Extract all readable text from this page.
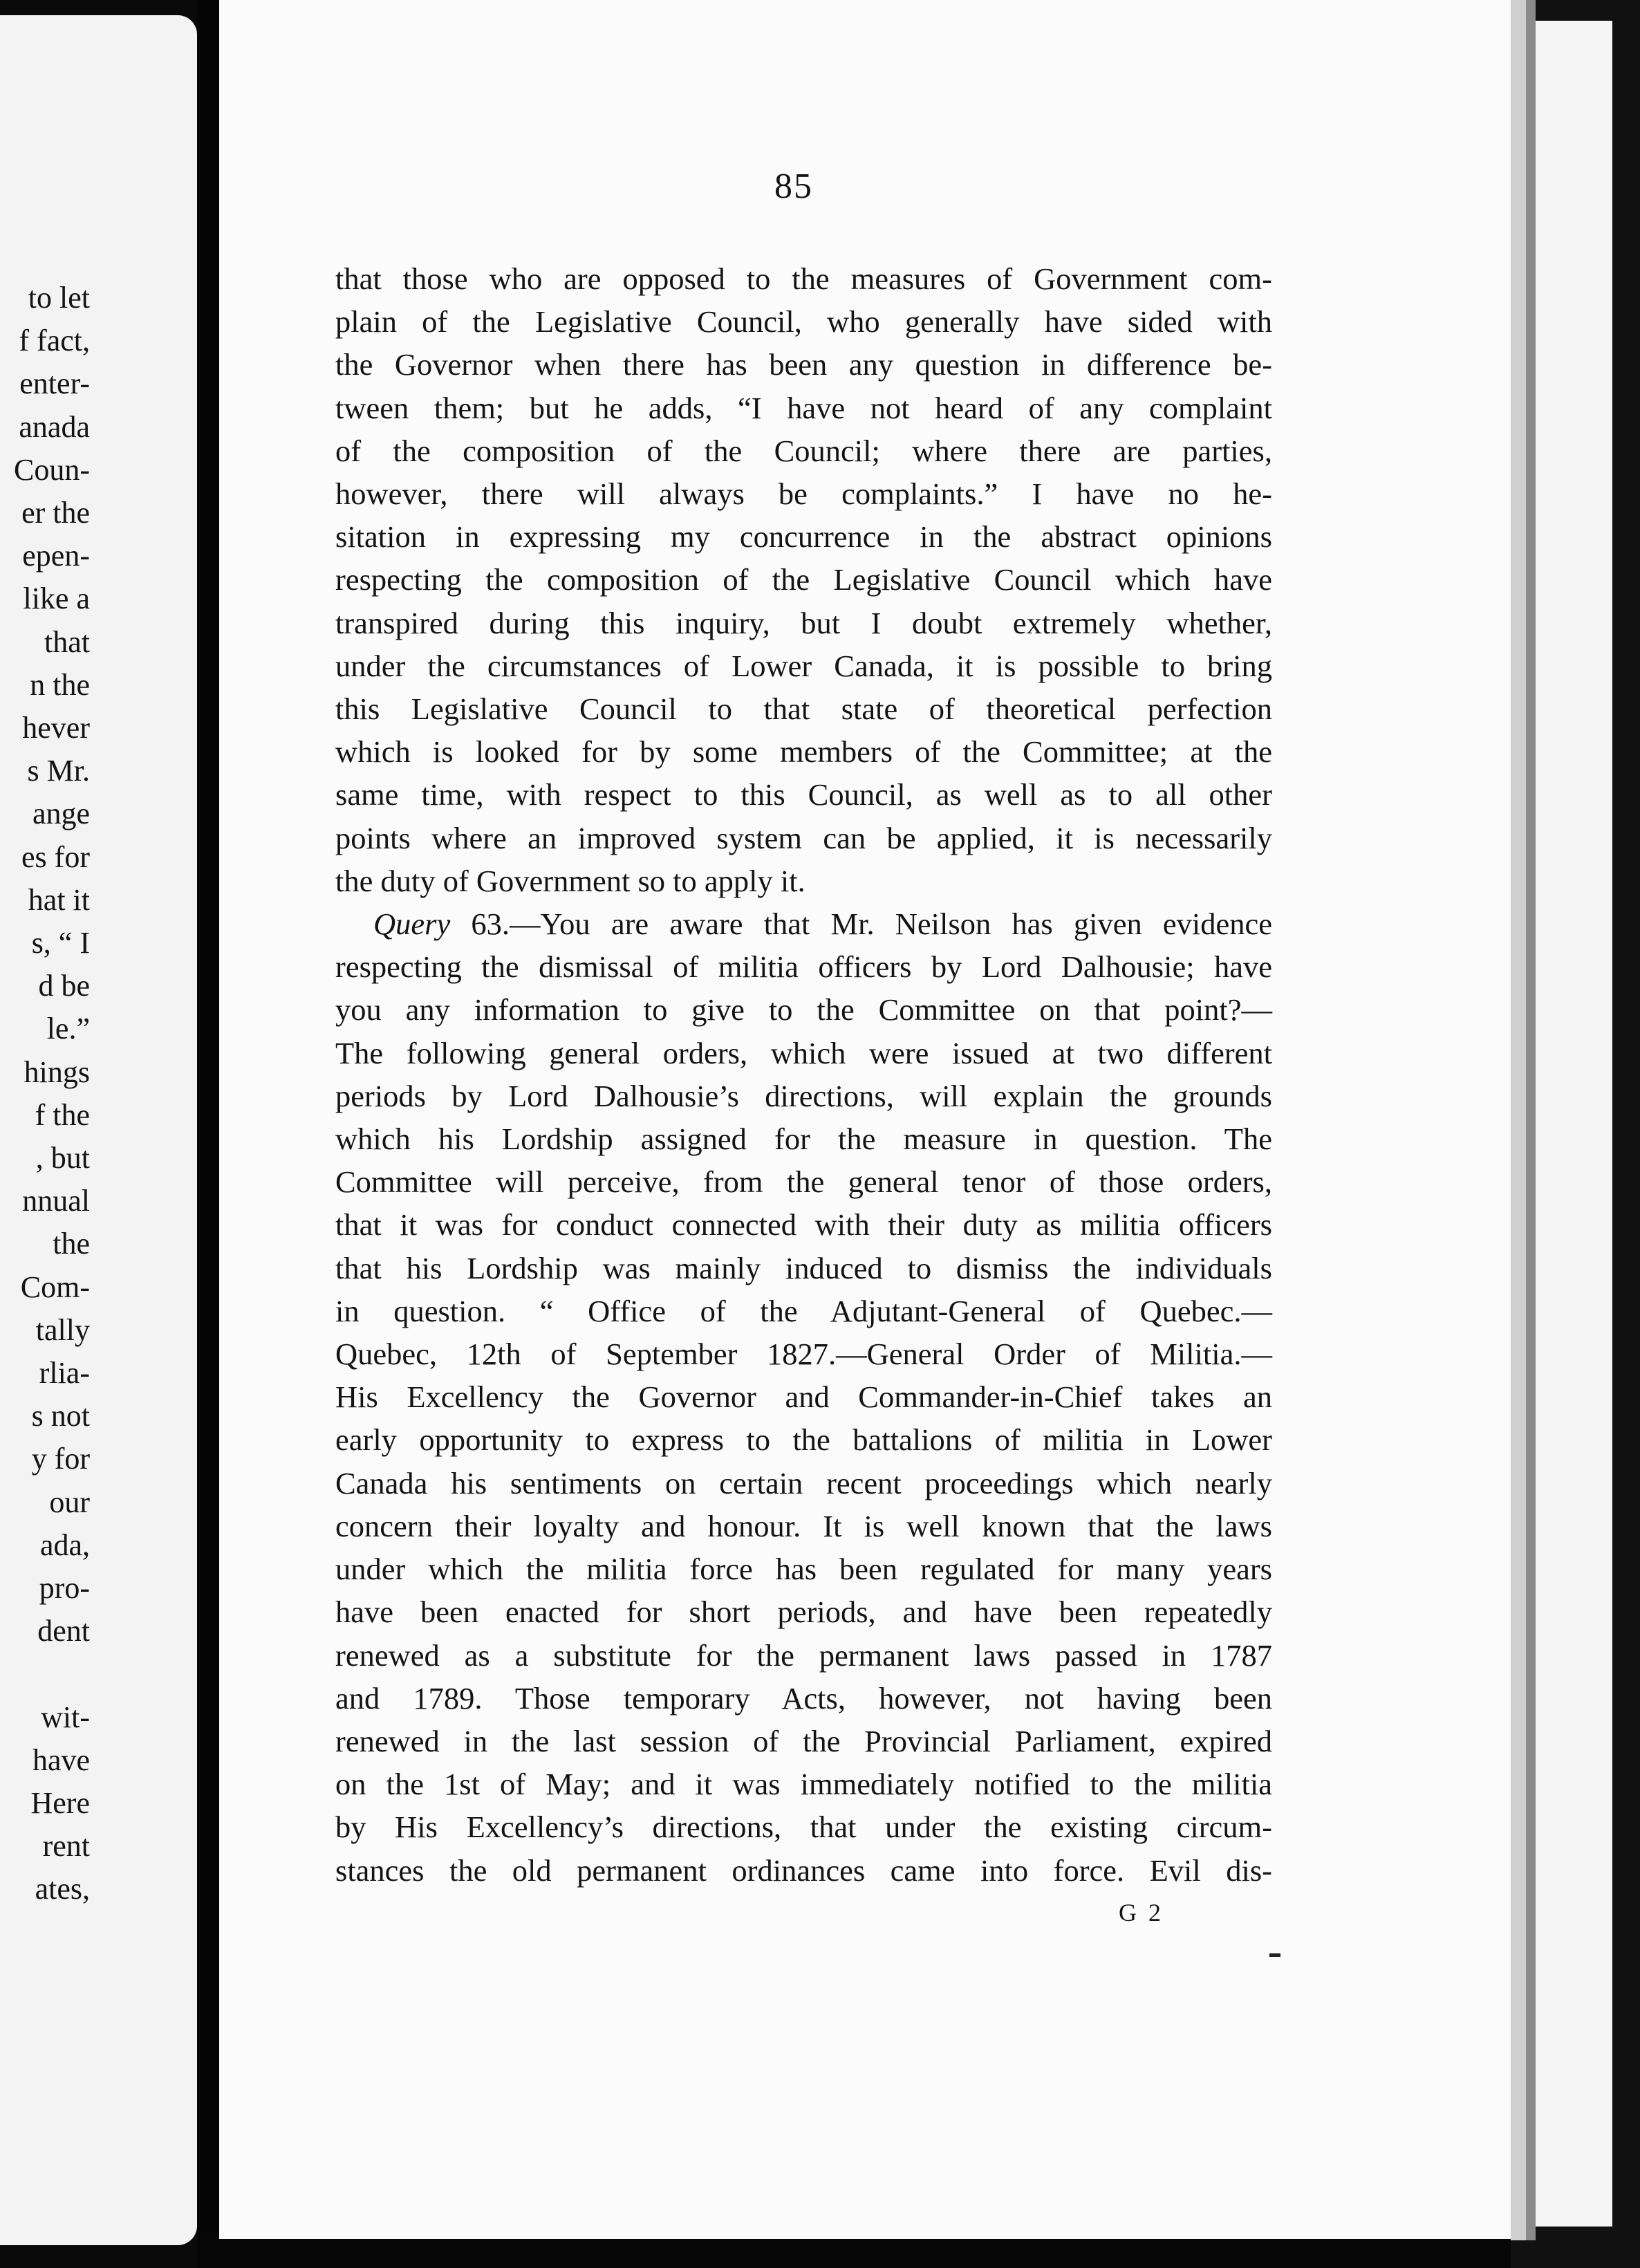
to let
f fact,
enter-
anada
Coun-
er the
epen-
like a
that
n the
hever
s Mr.
ange
es for
hat it
s, “ I
d be
le.”
hings
f the
, but
nnual
the
Com-
tally
rlia-
s not
y for
our
ada,
pro-
dent
wit-
have
Here
rent
ates,
85
that those who are opposed to the measures of Government com-
plain of the Legislative Council, who generally have sided with
the Governor when there has been any question in difference be-
tween them; but he adds, “I have not heard of any complaint
of the composition of the Council; where there are parties,
however, there will always be complaints.” I have no he-
sitation in expressing my concurrence in the abstract opinions
respecting the composition of the Legislative Council which have
transpired during this inquiry, but I doubt extremely whether,
under the circumstances of Lower Canada, it is possible to bring
this Legislative Council to that state of theoretical perfection
which is looked for by some members of the Committee; at the
same time, with respect to this Council, as well as to all other
points where an improved system can be applied, it is necessarily
the duty of Government so to apply it.
Query 63.—You are aware that Mr. Neilson has given evidence
respecting the dismissal of militia officers by Lord Dalhousie; have
you any information to give to the Committee on that point?—
The following general orders, which were issued at two different
periods by Lord Dalhousie’s directions, will explain the grounds
which his Lordship assigned for the measure in question. The
Committee will perceive, from the general tenor of those orders,
that it was for conduct connected with their duty as militia officers
that his Lordship was mainly induced to dismiss the individuals
in question. “ Office of the Adjutant-General of Quebec.—
Quebec, 12th of September 1827.—General Order of Militia.—
His Excellency the Governor and Commander-in-Chief takes an
early opportunity to express to the battalions of militia in Lower
Canada his sentiments on certain recent proceedings which nearly
concern their loyalty and honour. It is well known that the laws
under which the militia force has been regulated for many years
have been enacted for short periods, and have been repeatedly
renewed as a substitute for the permanent laws passed in 1787
and 1789. Those temporary Acts, however, not having been
renewed in the last session of the Provincial Parliament, expired
on the 1st of May; and it was immediately notified to the militia
by His Excellency’s directions, that under the existing circum-
stances the old permanent ordinances came into force. Evil dis-
G 2
